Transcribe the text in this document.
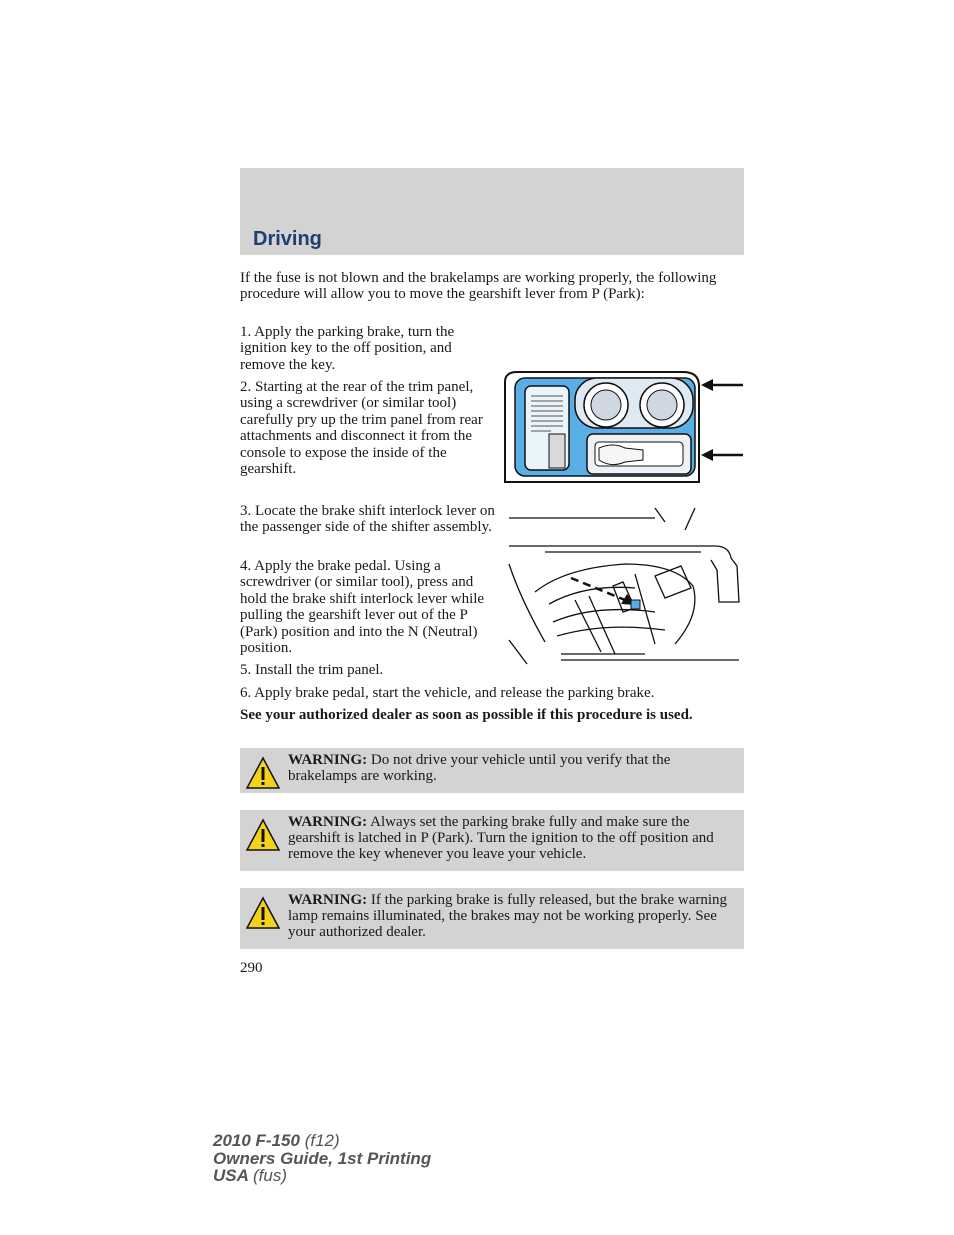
Driving

If the fuse is not blown and the brakelamps are working properly, the following procedure will allow you to move the gearshift lever from P (Park):

1. Apply the parking brake, turn the ignition key to the off position, and remove the key.

2. Starting at the rear of the trim panel, using a screwdriver (or similar tool) carefully pry up the trim panel from rear attachments and disconnect it from the console to expose the inside of the gearshift.

3. Locate the brake shift interlock lever on the passenger side of the shifter assembly.

4. Apply the brake pedal. Using a screwdriver (or similar tool), press and hold the brake shift interlock lever while pulling the gearshift lever out of the P (Park) position and into the N (Neutral) position.

5. Install the trim panel.

6. Apply brake pedal, start the vehicle, and release the parking brake.

See your authorized dealer as soon as possible if this procedure is used.

WARNING: Do not drive your vehicle until you verify that the brakelamps are working.
WARNING: Always set the parking brake fully and make sure the gearshift is latched in P (Park). Turn the ignition to the off position and remove the key whenever you leave your vehicle.
WARNING: If the parking brake is fully released, but the brake warning lamp remains illuminated, the brakes may not be working properly. See your authorized dealer.

290

2010 F-150 (f12)
Owners Guide, 1st Printing
USA (fus)
